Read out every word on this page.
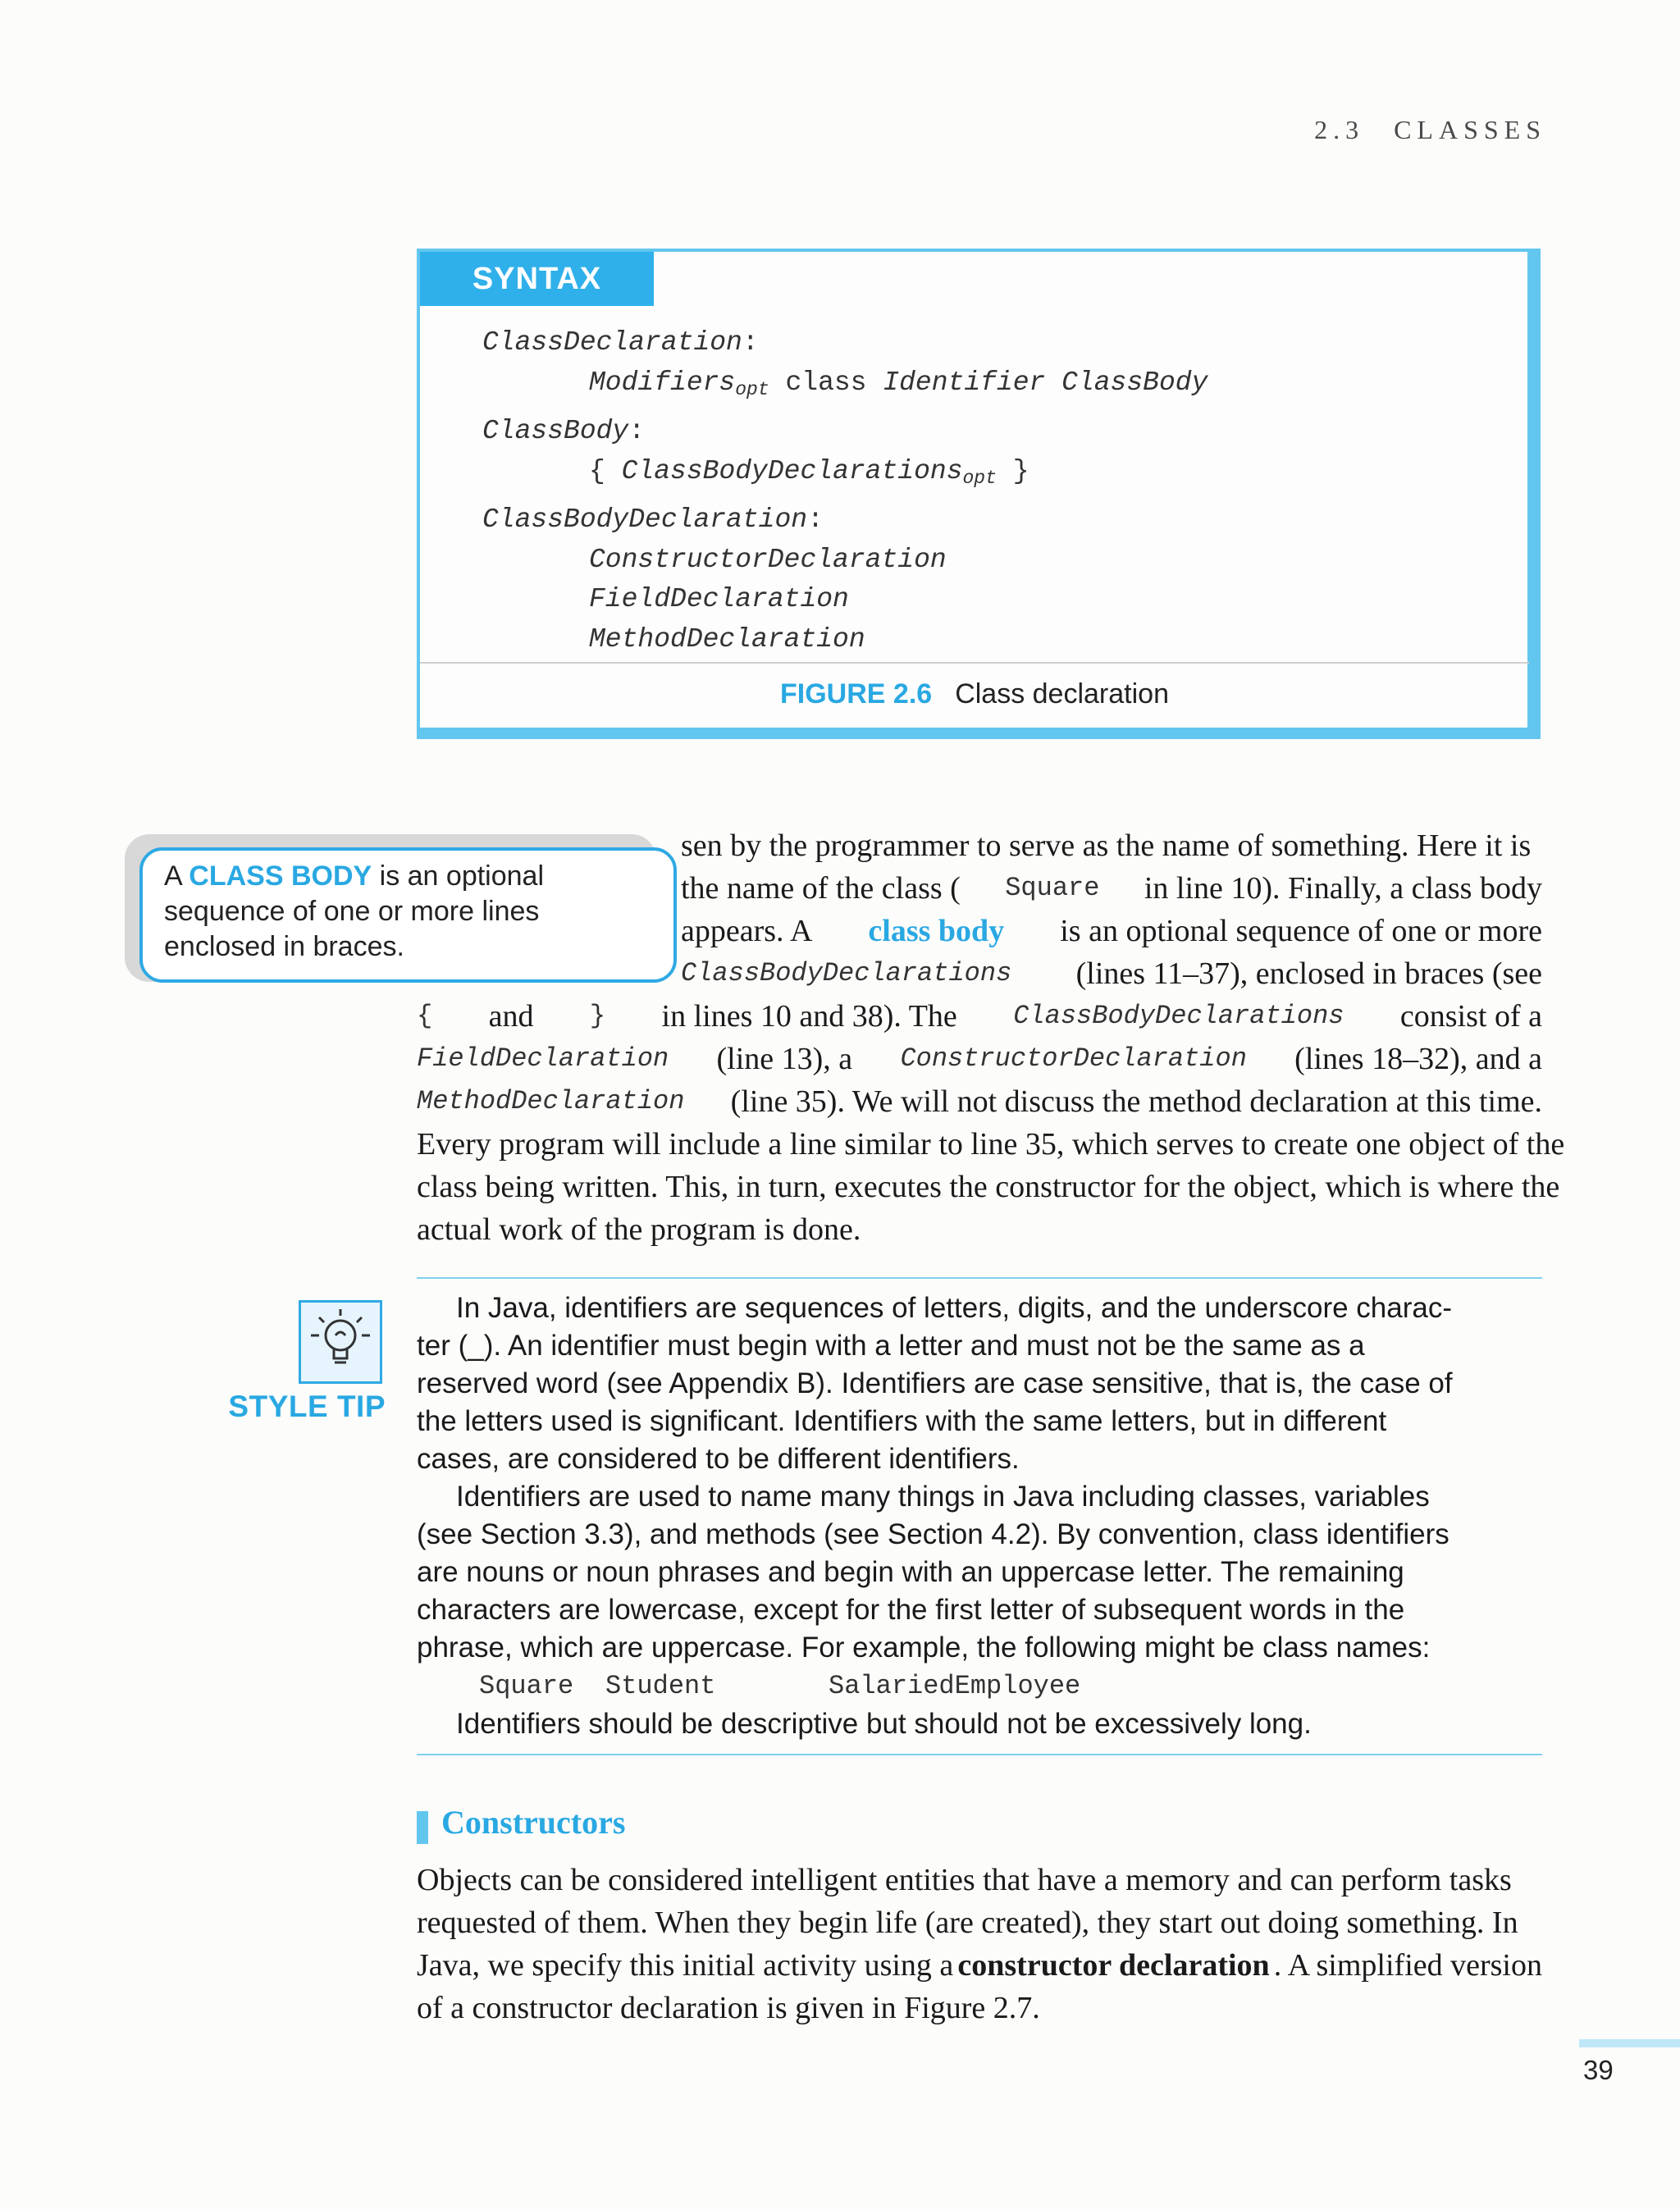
2.3 CLASSES
SYNTAX
ClassDeclaration:
Modifiers$_{opt}$ class Identifier ClassBody
ClassBody:
{ ClassBodyDeclarations$_{opt}$ }
ClassBodyDeclaration:
ConstructorDeclaration
FieldDeclaration
MethodDeclaration
FIGURE 2.6 Class declaration
A CLASS BODY is an optional
sequence of one or more lines
enclosed in braces.
sen by the programmer to serve as the name of something. Here it is
the name of the class ( Square in line 10). Finally, a class body
appears. A class body is an optional sequence of one or more
ClassBodyDeclarations (lines 11–37), enclosed in braces (see
{ and } in lines 10 and 38). The ClassBodyDeclarations consist of a
FieldDeclaration (line 13), a ConstructorDeclaration (lines 18–32), and a
MethodDeclaration (line 35). We will not discuss the method declaration at this time.
Every program will include a line similar to line 35, which serves to create one object of the
class being written. This, in turn, executes the constructor for the object, which is where the
actual work of the program is done.
STYLE TIP
In Java, identifiers are sequences of letters, digits, and the underscore charac-
ter (_). An identifier must begin with a letter and must not be the same as a
reserved word (see Appendix B). Identifiers are case sensitive, that is, the case of
the letters used is significant. Identifiers with the same letters, but in different
cases, are considered to be different identifiers.
Identifiers are used to name many things in Java including classes, variables
(see Section 3.3), and methods (see Section 4.2). By convention, class identifiers
are nouns or noun phrases and begin with an uppercase letter. The remaining
characters are lowercase, except for the first letter of subsequent words in the
phrase, which are uppercase. For example, the following might be class names:
Square Student	SalariedEmployee
Identifiers should be descriptive but should not be excessively long.
Constructors
Objects can be considered intelligent entities that have a memory and can perform tasks
requested of them. When they begin life (are created), they start out doing something. In
Java, we specify this initial activity using a constructor declaration . A simplified version
of a constructor declaration is given in Figure 2.7.
39
